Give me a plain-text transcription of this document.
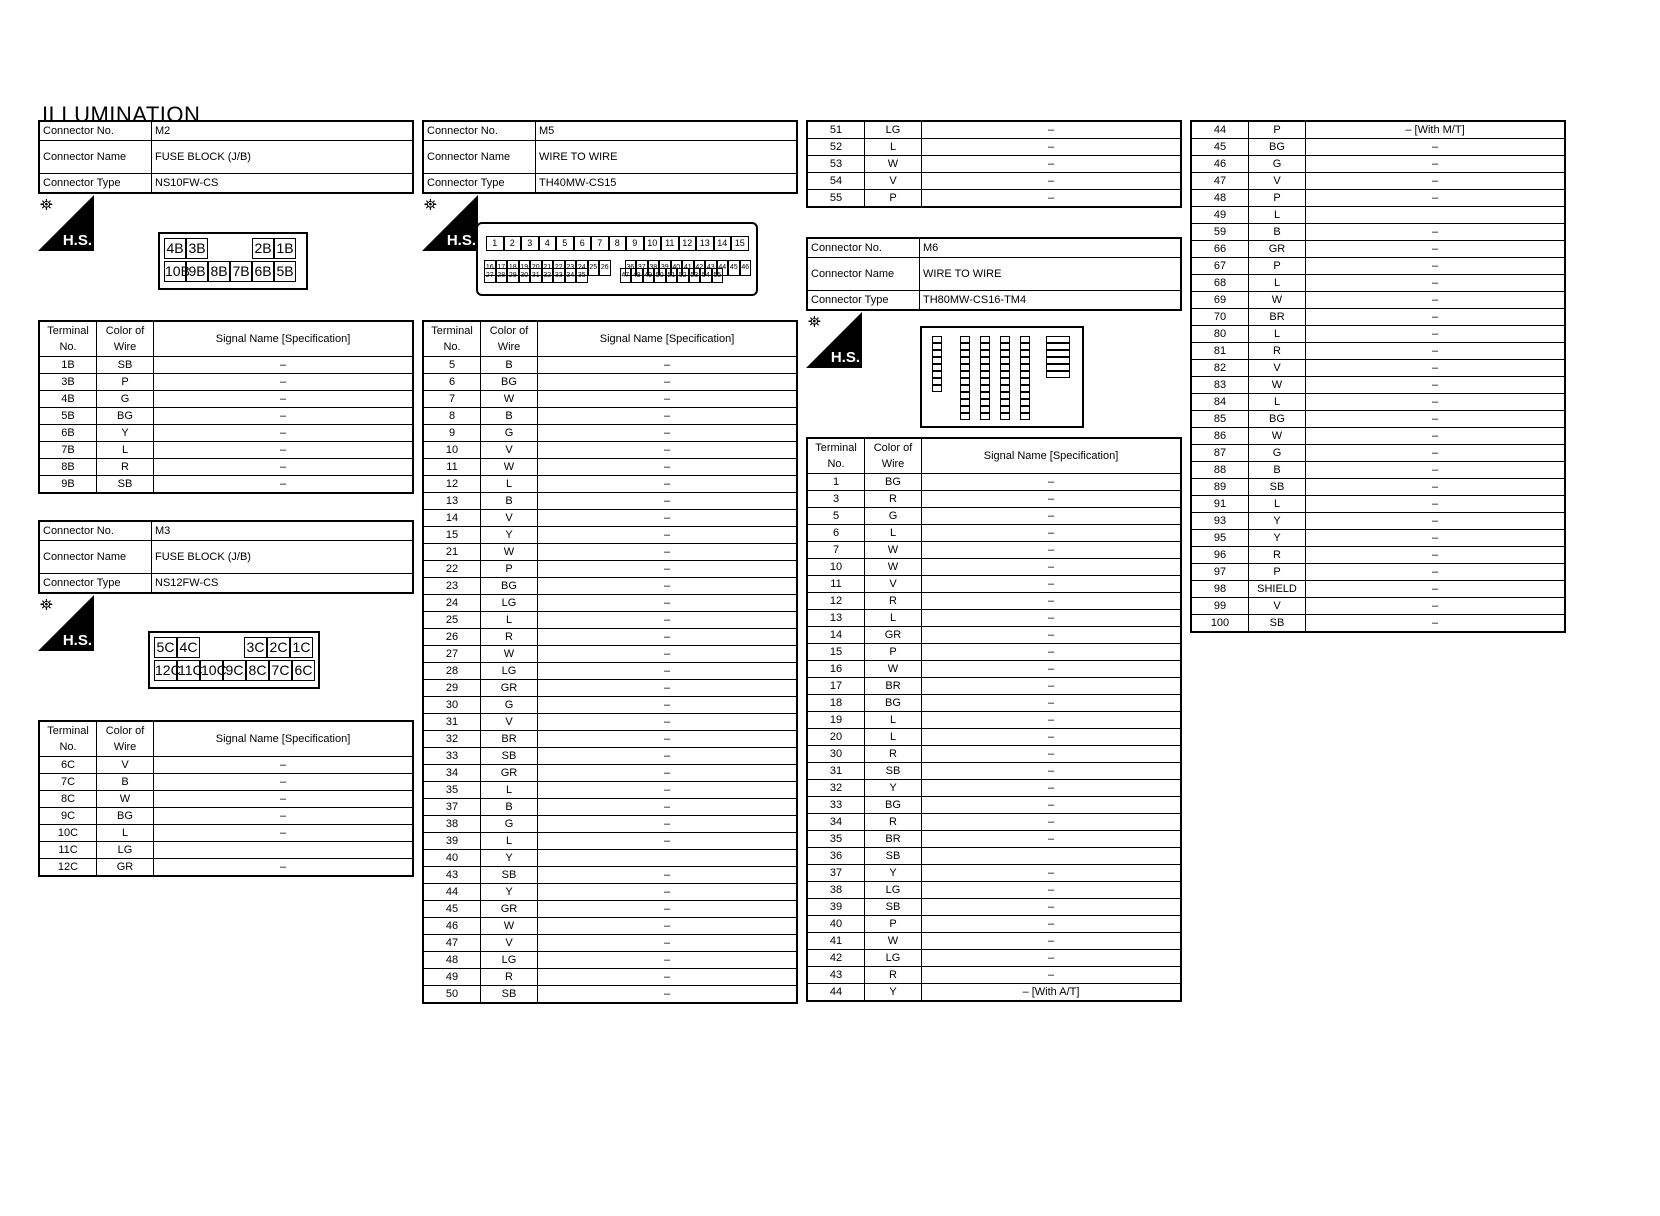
ILLUMINATION
Connector No.	M2
Connector Name	FUSE BLOCK (J/B)
Connector Type	NS10FW-CS
⛯
H.S.	4B 3B	2B 1B
10B
9B 8B 7B 6B 5B
Terminal No.	Color of Wire	Signal Name [Specification]
1B	SB	–
3B	P	–
4B	G	–
5B	BG	–
6B	Y	–
7B	L	–
8B	R	–
9B	SB	–
Connector No.	M3
Connector Name	FUSE BLOCK (J/B)
Connector Type	NS12FW-CS
⛯
H.S.	5C 4C	3C 2C 1C
12C
11C
10C
9C 8C 7C 6C
Terminal No.	Color of Wire	Signal Name [Specification]
6C	V	–
7C	B	–
8C	W	–
9C	BG	–
10C	L	–
11C	LG	
12C	GR	–
Connector No.	M5
Connector Name	WIRE TO WIRE
Connector Type	TH40MW-CS15
⛯
H.S.	1	2	3	4	5	6	7	8	9	10 11 12 13 14 15
16 17 18 19 20 21 22 23 24 25 26	36 37 38 39 40 41 42 43 44 45 46
27 28 29 30 31 32 33 34 35	47 48 49 50 51 52 53 54 55
Terminal No.	Color of Wire	Signal Name [Specification]
5	B	–
6	BG	–
7	W	–
8	B	–
9	G	–
10	V	–
11	W	–
12	L	–
13	B	–
14	V	–
15	Y	–
21	W	–
22	P	–
23	BG	–
24	LG	–
25	L	–
26	R	–
27	W	–
28	LG	–
29	GR	–
30	G	–
31	V	–
32	BR	–
33	SB	–
34	GR	–
35	L	–
37	B	–
38	G	–
39	L	–
40	Y	
43	SB	–
44	Y	–
45	GR	–
46	W	–
47	V	–
48	LG	–
49	R	–
50	SB	–
51	LG	–
52	L	–
53	W	–
54	V	–
55	P	–
Connector No.	M6
Connector Name	WIRE TO WIRE
Connector Type	TH80MW-CS16-TM4
⛯
H.S.
Terminal No.	Color of Wire	Signal Name [Specification]
1	BG	–
3	R	–
5	G	–
6	L	–
7	W	–
10	W	–
11	V	–
12	R	–
13	L	–
14	GR	–
15	P	–
16	W	–
17	BR	–
18	BG	–
19	L	–
20	L	–
30	R	–
31	SB	–
32	Y	–
33	BG	–
34	R	–
35	BR	–
36	SB	
37	Y	–
38	LG	–
39	SB	–
40	P	–
41	W	–
42	LG	–
43	R	–
44	Y	– [With A/T]
44	P	– [With M/T]
45	BG	–
46	G	–
47	V	–
48	P	–
49	L	
59	B	–
66	GR	–
67	P	–
68	L	–
69	W	–
70	BR	–
80	L	–
81	R	–
82	V	–
83	W	–
84	L	–
85	BG	–
86	W	–
87	G	–
88	B	–
89	SB	–
91	L	–
93	Y	–
95	Y	–
96	R	–
97	P	–
98	SHIELD	–
99	V	–
100	SB	–
